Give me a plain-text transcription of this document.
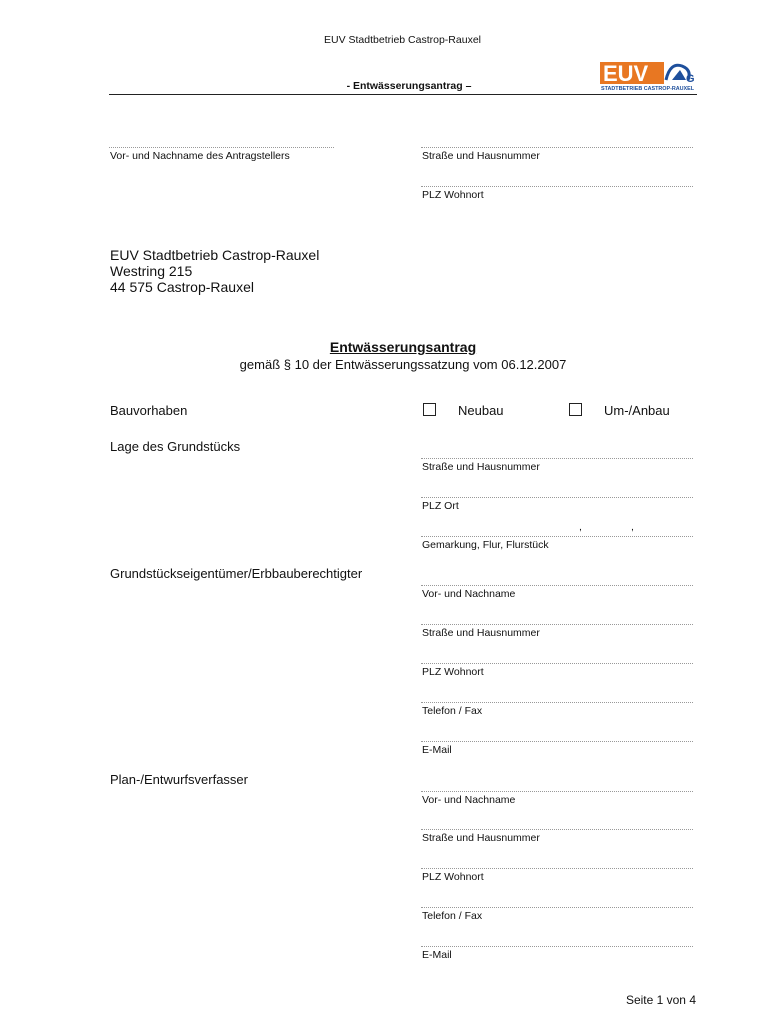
EUV Stadtbetrieb Castrop-Rauxel
- Entwässerungsantrag –	EUV	G
STADTBETRIEB CASTROP-RAUXEL
Vor- und Nachname des Antragstellers	Straße und Hausnummer
PLZ Wohnort
EUV Stadtbetrieb Castrop-Rauxel
Westring 215
44 575 Castrop-Rauxel
Entwässerungsantrag
gemäß § 10 der Entwässerungssatzung vom 06.12.2007
Bauvorhaben	Neubau	Um-/Anbau
Lage des Grundstücks
Straße und Hausnummer
PLZ Ort
,	,
Gemarkung, Flur, Flurstück
Grundstückseigentümer/Erbbauberechtigter
Vor- und Nachname
Straße und Hausnummer
PLZ Wohnort
Telefon / Fax
E-Mail
Plan-/Entwurfsverfasser
Vor- und Nachname
Straße und Hausnummer
PLZ Wohnort
Telefon / Fax
E-Mail
Seite 1 von 4
